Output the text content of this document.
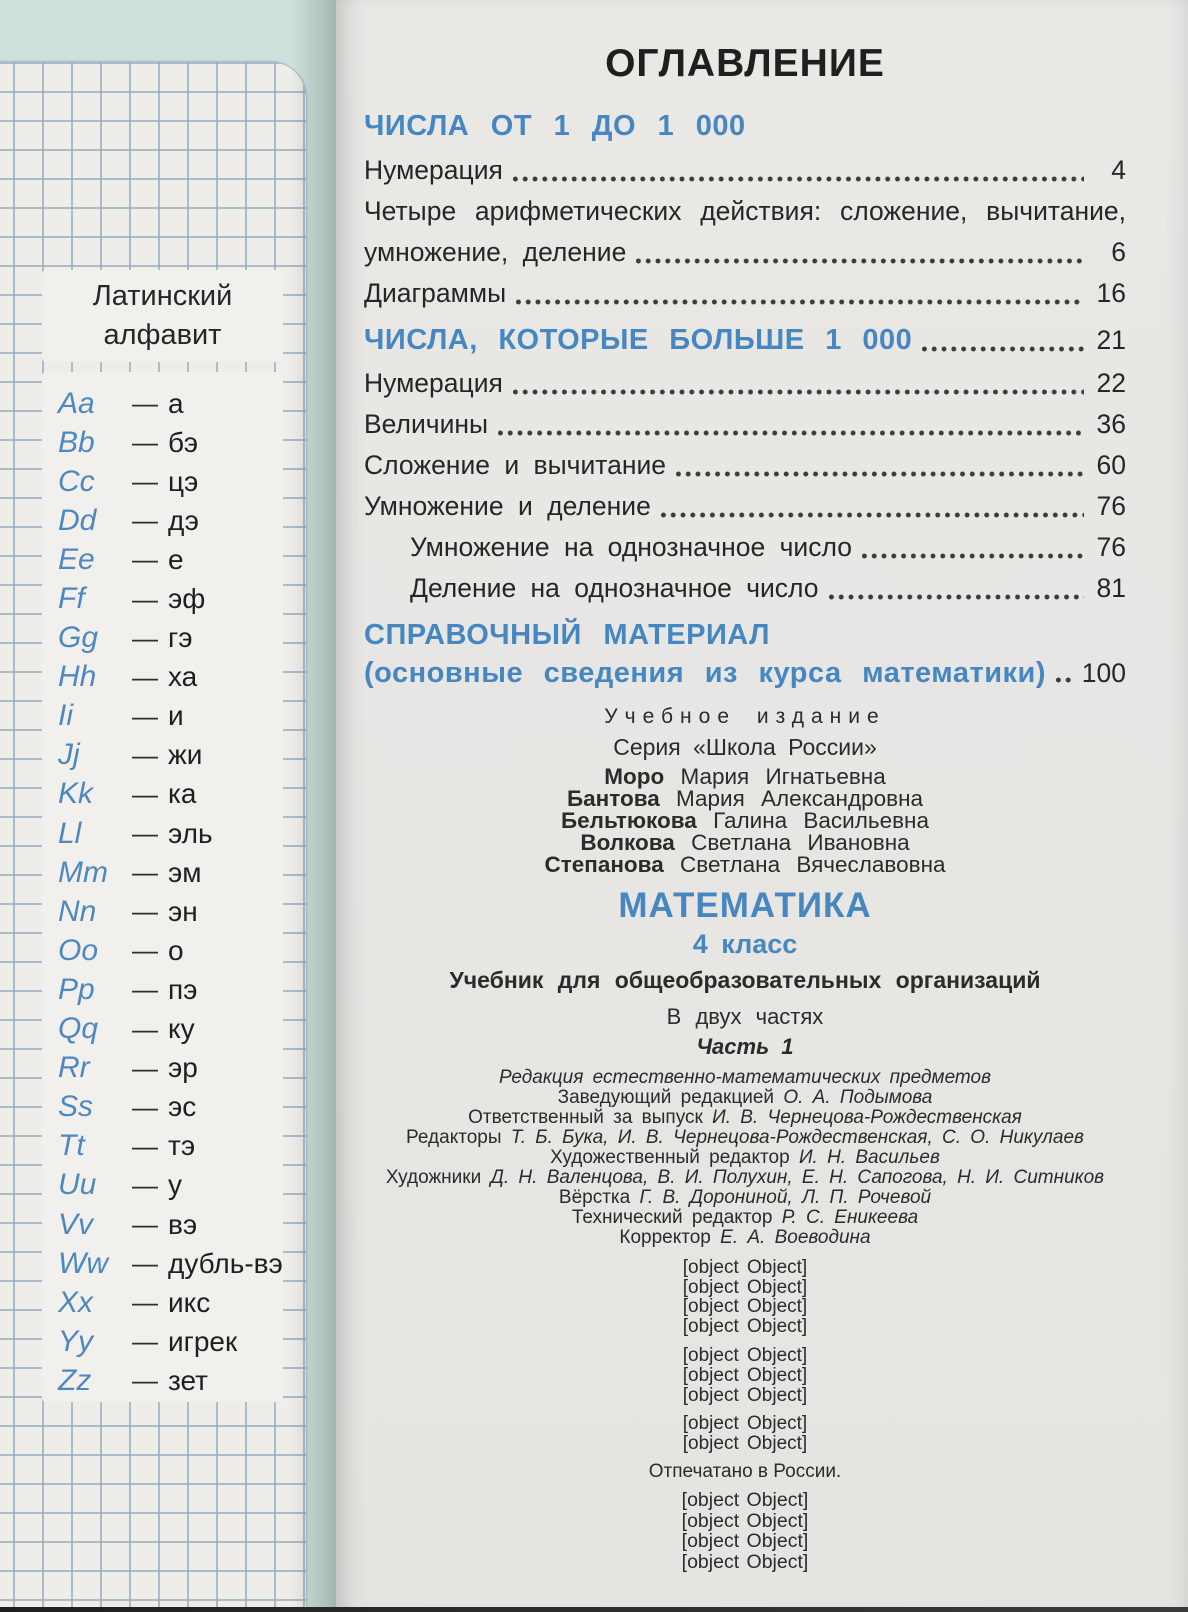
Латинский
алфавит
Aa	— а
Bb	— бэ
Cc	— цэ
Dd	— дэ
Ee	— е
Ff	— эф
Gg	— гэ
Hh	— ха
Ii	— и
Jj	— жи
Kk	— ка
Ll	— эль
Mm — эм
Nn	— эн
Oo	— о
Pp	— пэ
Qq	— ку
Rr	— эр
Ss	— эс
Tt	— тэ
Uu	— у
Vv	— вэ
Ww — дубль-вэ
Xx	— икс
Yy	— игрек
Zz	— зет
ОГЛАВЛЕНИЕ
ЧИСЛА ОТ 1 ДО 1 000
Нумерация	4
Четыре арифметических действия: сложение, вычитание,
умножение, деление	6
Диаграммы	16
ЧИСЛА, КОТОРЫЕ БОЛЬШЕ 1 000	21
Нумерация	22
Величины	36
Сложение и вычитание	60
Умножение и деление	76
Умножение на однозначное число	76
Деление на однозначное число	81
СПРАВОЧНЫЙ МАТЕРИАЛ
(основные сведения из курса математики) 100
Учебное издание
Серия «Школа России»
Моро Мария Игнатьевна
Бантова Мария Александровна
Бельтюкова Галина Васильевна
Волкова Светлана Ивановна
Степанова Светлана Вячеславовна
МАТЕМАТИКА
4 класс
Учебник для общеобразовательных организаций
В двух частях
Часть 1
Редакция естественно-математических предметов
Заведующий редакцией О. А. Подымова
Ответственный за выпуск И. В. Чернецова-Рождественская
Редакторы Т. Б. Бука, И. В. Чернецова-Рождественская, С. О. Никулаев
Художественный редактор И. Н. Васильев
Художники Д. Н. Валенцова, В. И. Полухин, Е. Н. Сапогова, Н. И. Ситников
Вёрстка Г. В. Дорониной, Л. П. Рочевой
Технический редактор Р. С. Еникеева
Корректор Е. А. Воеводина
[object Object]
[object Object]
[object Object]
[object Object]
[object Object]
[object Object]
[object Object]
[object Object]
[object Object]
Отпечатано в России.
[object Object]
[object Object]
[object Object]
[object Object]
